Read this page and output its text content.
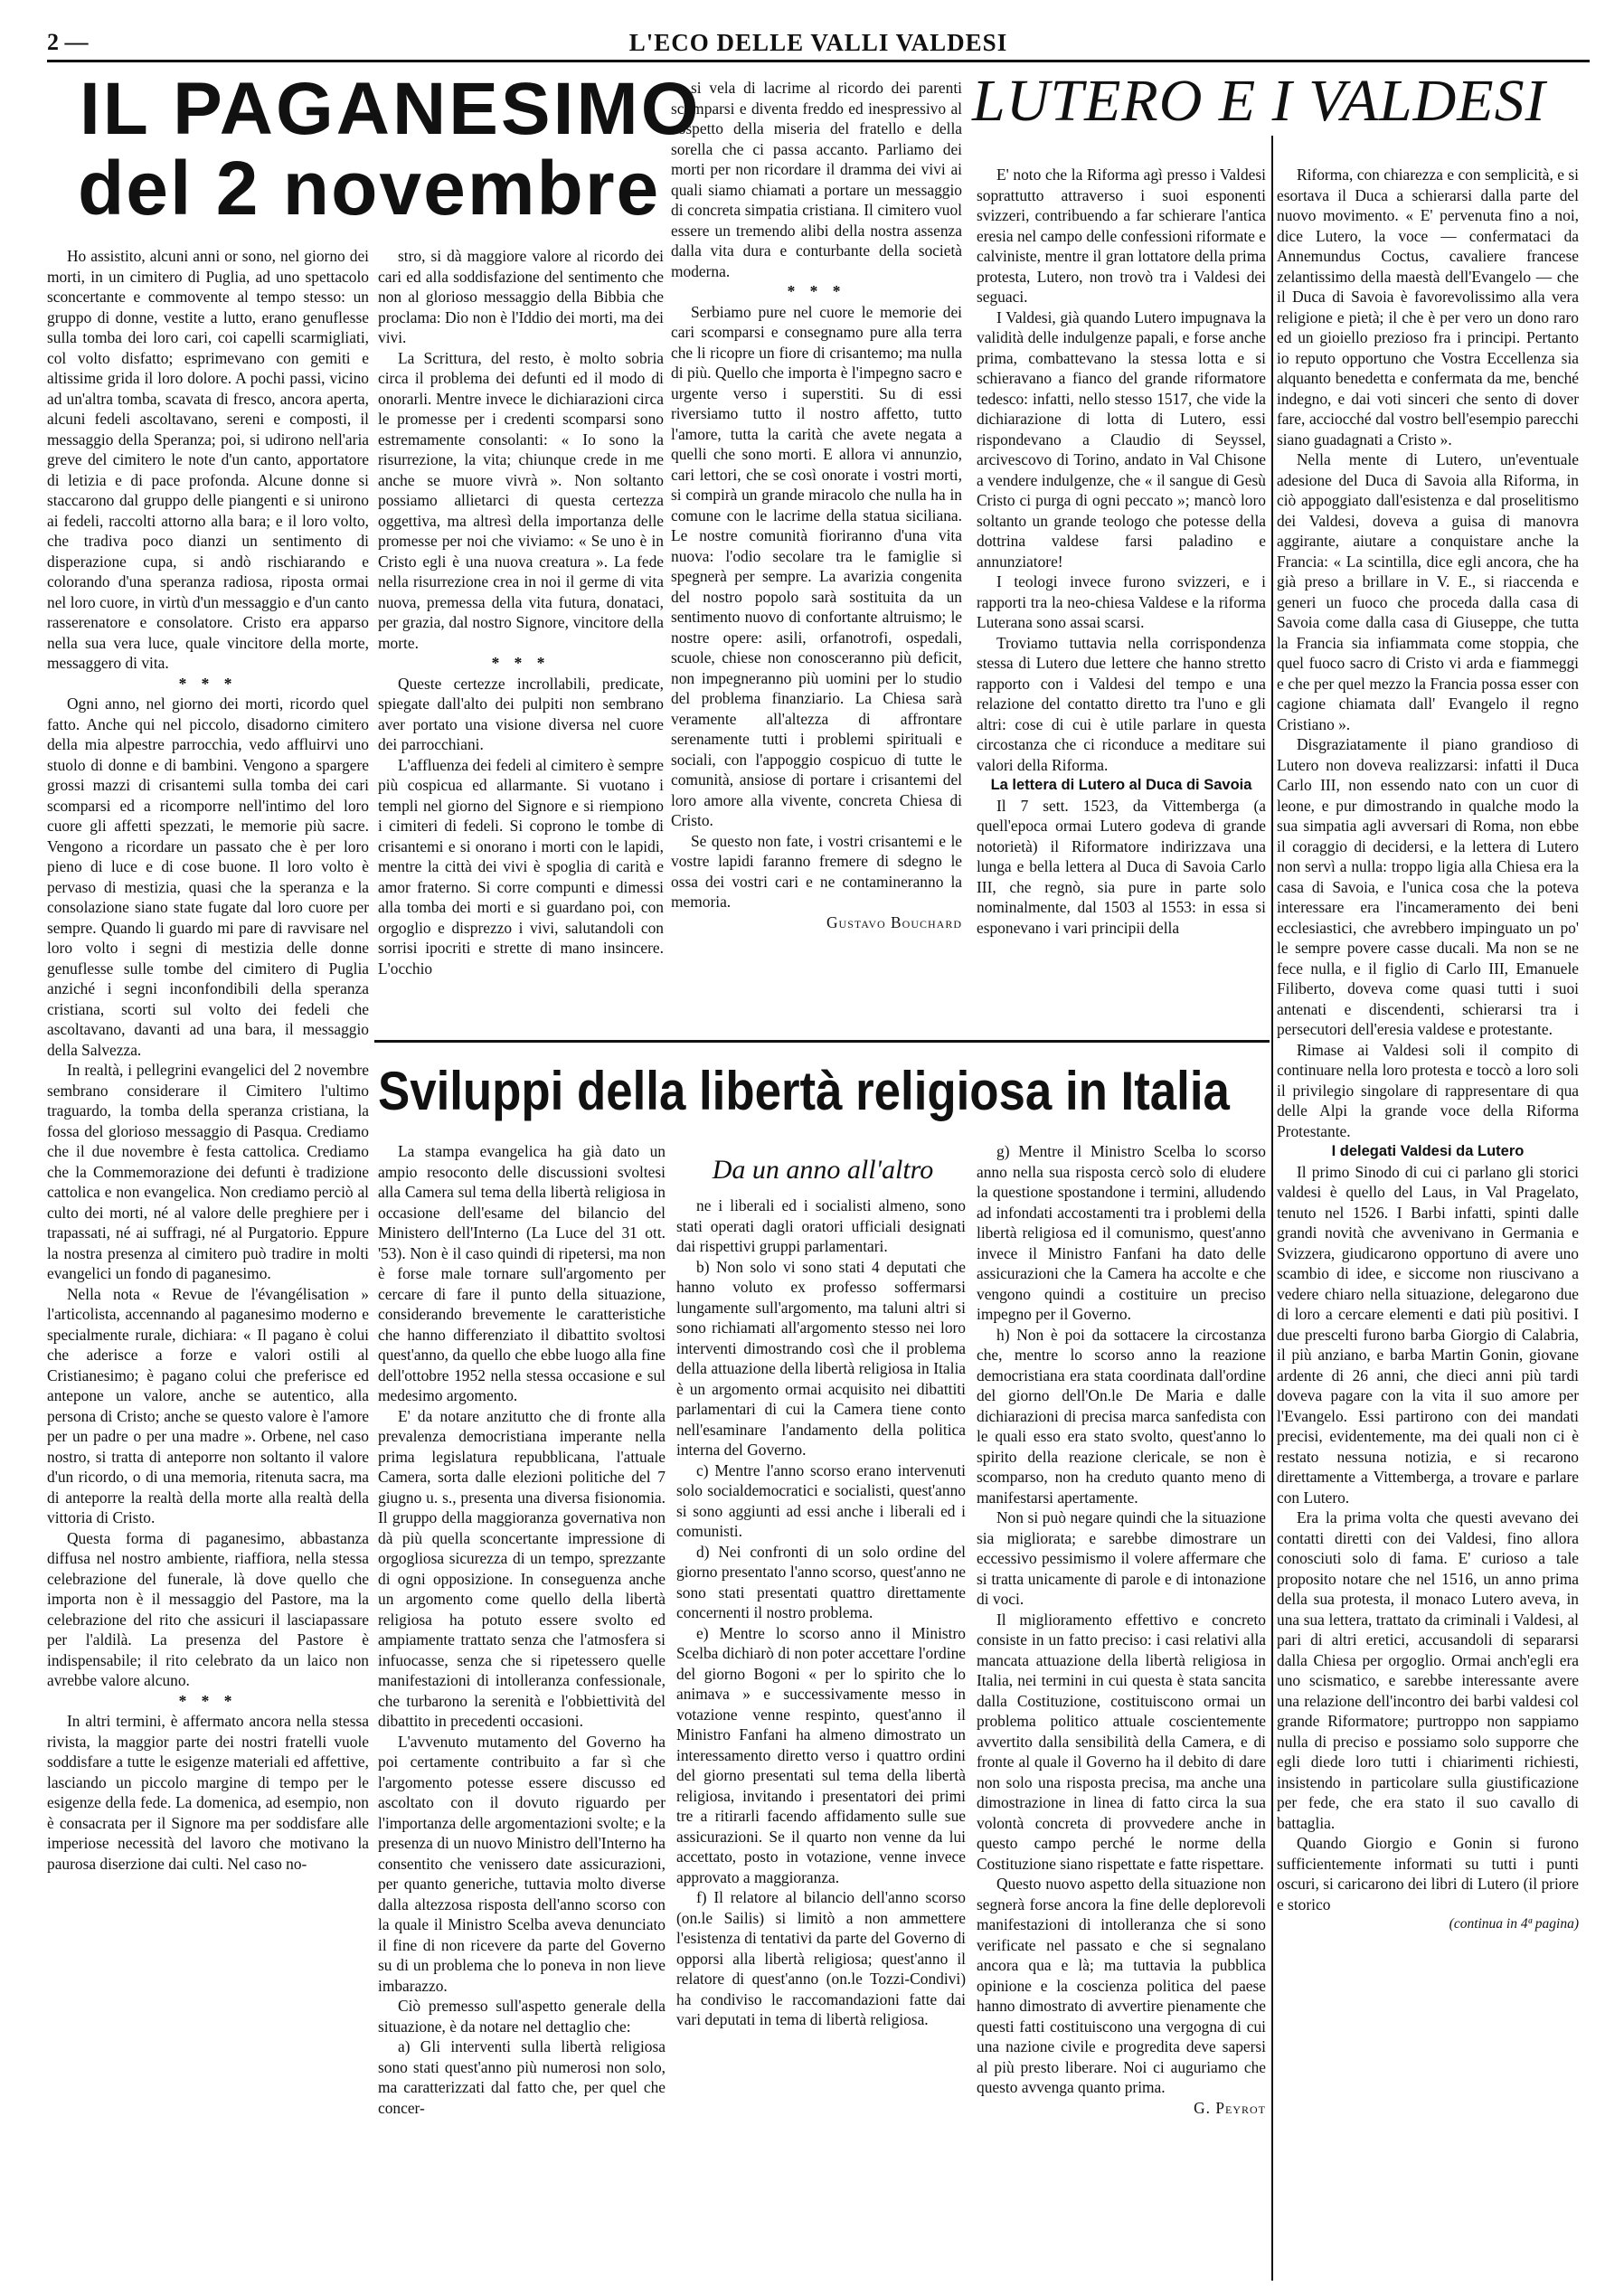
2 —	L'ECO DELLE VALLI VALDESI
IL PAGANESIMO
del 2 novembre

Ho assistito, alcuni anni or sono, nel giorno dei morti, in un cimitero di Puglia, ad uno spettacolo sconcertante e commovente al tempo stesso: un gruppo di donne, vestite a lutto, erano genuflesse sulla tomba dei loro cari, coi capelli scarmigliati, col volto disfatto; esprimevano con gemiti e altissime grida il loro dolore. A pochi passi, vicino ad un'altra tomba, scavata di fresco, ancora aperta, alcuni fedeli ascoltavano, sereni e composti, il messaggio della Speranza; poi, si udirono nell'aria greve del cimitero le note d'un canto, apportatore di letizia e di pace profonda. Alcune donne si staccarono dal gruppo delle piangenti e si unirono ai fedeli, raccolti attorno alla bara; e il loro volto, che tradiva poco dianzi un sentimento di disperazione cupa, si andò rischiarando e colorando d'una speranza radiosa, riposta ormai nel loro cuore, in virtù d'un messaggio e d'un canto rasserenatore e consolatore. Cristo era apparso nella sua vera luce, quale vincitore della morte, messaggero di vita.

* * *

Ogni anno, nel giorno dei morti, ricordo quel fatto. Anche qui nel piccolo, disadorno cimitero della mia alpestre parrocchia, vedo affluirvi uno stuolo di donne e di bambini. Vengono a spargere grossi mazzi di crisantemi sulla tomba dei cari scomparsi ed a ricomporre nell'intimo del loro cuore gli affetti spezzati, le memorie più sacre. Vengono a ricordare un passato che è per loro pieno di luce e di cose buone. Il loro volto è pervaso di mestizia, quasi che la speranza e la consolazione siano state fugate dal loro cuore per sempre. Quando li guardo mi pare di ravvisare nel loro volto i segni di mestizia delle donne genuflesse sulle tombe del cimitero di Puglia anziché i segni inconfondibili della speranza cristiana, scorti sul volto dei fedeli che ascoltavano, davanti ad una bara, il messaggio della Salvezza.

In realtà, i pellegrini evangelici del 2 novembre sembrano considerare il Cimitero l'ultimo traguardo, la tomba della speranza cristiana, la fossa del glorioso messaggio di Pasqua. Crediamo che il due novembre è festa cattolica. Crediamo che la Commemorazione dei defunti è tradizione cattolica e non evangelica. Non crediamo perciò al culto dei morti, né al valore delle preghiere per i trapassati, né ai suffragi, né al Purgatorio. Eppure la nostra presenza al cimitero può tradire in molti evangelici un fondo di paganesimo.

Nella nota « Revue de l'évangélisation » l'articolista, accennando al paganesimo moderno e specialmente rurale, dichiara: « Il pagano è colui che aderisce a forze e valori ostili al Cristianesimo; è pagano colui che preferisce ed antepone un valore, anche se autentico, alla persona di Cristo; anche se questo valore è l'amore per un padre o per una madre ». Orbene, nel caso nostro, si tratta di anteporre non soltanto il valore d'un ricordo, o di una memoria, ritenuta sacra, ma di anteporre la realtà della morte alla realtà della vittoria di Cristo.

Questa forma di paganesimo, abbastanza diffusa nel nostro ambiente, riaffiora, nella stessa celebrazione del funerale, là dove quello che importa non è il messaggio del Pastore, ma la celebrazione del rito che assicuri il lasciapassare per l'aldilà. La presenza del Pastore è indispensabile; il rito celebrato da un laico non avrebbe valore alcuno.

* * *

In altri termini, è affermato ancora nella stessa rivista, la maggior parte dei nostri fratelli vuole soddisfare a tutte le esigenze materiali ed affettive, lasciando un piccolo margine di tempo per le esigenze della fede. La domenica, ad esempio, non è consacrata per il Signore ma per soddisfare alle imperiose necessità del lavoro che motivano la paurosa diserzione dai culti. Nel caso no-

stro, si dà maggiore valore al ricordo dei cari ed alla soddisfazione del sentimento che non al glorioso messaggio della Bibbia che proclama: Dio non è l'Iddio dei morti, ma dei vivi.

La Scrittura, del resto, è molto sobria circa il problema dei defunti ed il modo di onorarli. Mentre invece le dichiarazioni circa le promesse per i credenti scomparsi sono estremamente consolanti: « Io sono la risurrezione, la vita; chiunque crede in me anche se muore vivrà ». Non soltanto possiamo allietarci di questa certezza oggettiva, ma altresì della importanza delle promesse per noi che viviamo: « Se uno è in Cristo egli è una nuova creatura ». La fede nella risurrezione crea in noi il germe di vita nuova, premessa della vita futura, donataci, per grazia, dal nostro Signore, vincitore della morte.

* * *

Queste certezze incrollabili, predicate, spiegate dall'alto dei pulpiti non sembrano aver portato una visione diversa nel cuore dei parrocchiani.

L'affluenza dei fedeli al cimitero è sempre più cospicua ed allarmante. Si vuotano i templi nel giorno del Signore e si riempiono i cimiteri di fedeli. Si coprono le tombe di crisantemi e si onorano i morti con le lapidi, mentre la città dei vivi è spoglia di carità e amor fraterno. Si corre compunti e dimessi alla tomba dei morti e si guardano poi, con orgoglio e disprezzo i vivi, salutandoli con sorrisi ipocriti e strette di mano insincere. L'occhio

si vela di lacrime al ricordo dei parenti scomparsi e diventa freddo ed inespressivo al cospetto della miseria del fratello e della sorella che ci passa accanto. Parliamo dei morti per non ricordare il dramma dei vivi ai quali siamo chiamati a portare un messaggio di concreta simpatia cristiana. Il cimitero vuol essere un tremendo alibi della nostra assenza dalla vita dura e conturbante della società moderna.

* * *

Serbiamo pure nel cuore le memorie dei cari scomparsi e consegnamo pure alla terra che li ricopre un fiore di crisantemo; ma nulla di più. Quello che importa è l'impegno sacro e urgente verso i superstiti. Su di essi riversiamo tutto il nostro affetto, tutto l'amore, tutta la carità che avete negata a quelli che sono morti. E allora vi annunzio, cari lettori, che se così onorate i vostri morti, si compirà un grande miracolo che nulla ha in comune con le lacrime della statua siciliana. Le nostre comunità fioriranno d'una vita nuova: l'odio secolare tra le famiglie si spegnerà per sempre. La avarizia congenita del nostro popolo sarà sostituita da un sentimento nuovo di confortante altruismo; le nostre opere: asili, orfanotrofi, ospedali, scuole, chiese non conosceranno più deficit, non impegneranno più uomini per lo studio del problema finanziario. La Chiesa sarà veramente all'altezza di affrontare serenamente tutti i problemi spirituali e sociali, con l'appoggio cospicuo di tutte le comunità, ansiose di portare i crisantemi del loro amore alla vivente, concreta Chiesa di Cristo.

Se questo non fate, i vostri crisantemi e le vostre lapidi faranno fremere di sdegno le ossa dei vostri cari e ne contamineranno la memoria.

Gustavo Bouchard

LUTERO E I VALDESI

E' noto che la Riforma agì presso i Valdesi soprattutto attraverso i suoi esponenti svizzeri, contribuendo a far schierare l'antica eresia nel campo delle confessioni riformate e calviniste, mentre il gran lottatore della prima protesta, Lutero, non trovò tra i Valdesi dei seguaci.

I Valdesi, già quando Lutero impugnava la validità delle indulgenze papali, e forse anche prima, combattevano la stessa lotta e si schieravano a fianco del grande riformatore tedesco: infatti, nello stesso 1517, che vide la dichiarazione di lotta di Lutero, essi rispondevano a Claudio di Seyssel, arcivescovo di Torino, andato in Val Chisone a vendere indulgenze, che « il sangue di Gesù Cristo ci purga di ogni peccato »; mancò loro soltanto un grande teologo che potesse della dottrina valdese farsi paladino e annunziatore!

I teologi invece furono svizzeri, e i rapporti tra la neo-chiesa Valdese e la riforma Luterana sono assai scarsi.

Troviamo tuttavia nella corrispondenza stessa di Lutero due lettere che hanno stretto rapporto con i Valdesi del tempo e una relazione del contatto diretto tra l'uno e gli altri: cose di cui è utile parlare in questa circostanza che ci riconduce a meditare sui valori della Riforma.

La lettera di Lutero al Duca di Savoia

Il 7 sett. 1523, da Vittemberga (a quell'epoca ormai Lutero godeva di grande notorietà) il Riformatore indirizzava una lunga e bella lettera al Duca di Savoia Carlo III, che regnò, sia pure in parte solo nominalmente, dal 1503 al 1553: in essa si esponevano i vari principii della

Riforma, con chiarezza e con semplicità, e si esortava il Duca a schierarsi dalla parte del nuovo movimento. « E' pervenuta fino a noi, dice Lutero, la voce — confermataci da Annemundus Coctus, cavaliere francese zelantissimo della maestà dell'Evangelo — che il Duca di Savoia è favorevolissimo alla vera religione e pietà; il che è per vero un dono raro ed un gioiello prezioso fra i principi. Pertanto io reputo opportuno che Vostra Eccellenza sia alquanto benedetta e confermata da me, benché indegno, e dai voti sinceri che sento di dover fare, acciocché dal vostro bell'esempio parecchi siano guadagnati a Cristo ».

Nella mente di Lutero, un'eventuale adesione del Duca di Savoia alla Riforma, in ciò appoggiato dall'esistenza e dal proselitismo dei Valdesi, doveva a guisa di manovra aggirante, aiutare a conquistare anche la Francia: « La scintilla, dice egli ancora, che ha già preso a brillare in V. E., si riaccenda e generi un fuoco che proceda dalla casa di Savoia come dalla casa di Giuseppe, che tutta la Francia sia infiammata come stoppia, che quel fuoco sacro di Cristo vi arda e fiammeggi e che per quel mezzo la Francia possa esser con cagione chiamata dall' Evangelo il regno Cristiano ».

Disgraziatamente il piano grandioso di Lutero non doveva realizzarsi: infatti il Duca Carlo III, non essendo nato con un cuor di leone, e pur dimostrando in qualche modo la sua simpatia agli avversari di Roma, non ebbe il coraggio di decidersi, e la lettera di Lutero non servì a nulla: troppo ligia alla Chiesa era la casa di Savoia, e l'unica cosa che la poteva interessare era l'incameramento dei beni ecclesiastici, che avrebbero impinguato un po' le sempre povere casse ducali. Ma non se ne fece nulla, e il figlio di Carlo III, Emanuele Filiberto, doveva come quasi tutti i suoi antenati e discendenti, schierarsi tra i persecutori dell'eresia valdese e protestante.

Rimase ai Valdesi soli il compito di continuare nella loro protesta e toccò a loro soli il privilegio singolare di rappresentare di qua delle Alpi la grande voce della Riforma Protestante.

I delegati Valdesi da Lutero

Il primo Sinodo di cui ci parlano gli storici valdesi è quello del Laus, in Val Pragelato, tenuto nel 1526. I Barbi infatti, spinti dalle grandi novità che avvenivano in Germania e Svizzera, giudicarono opportuno di avere uno scambio di idee, e siccome non riuscivano a vedere chiaro nella situazione, delegarono due di loro a cercare elementi e dati più positivi. I due prescelti furono barba Giorgio di Calabria, il più anziano, e barba Martin Gonin, giovane ardente di 26 anni, che dieci anni più tardi doveva pagare con la vita il suo amore per l'Evangelo. Essi partirono con dei mandati precisi, evidentemente, ma dei quali non ci è restato nessuna notizia, e si recarono direttamente a Vittemberga, a trovare e parlare con Lutero.

Era la prima volta che questi avevano dei contatti diretti con dei Valdesi, fino allora conosciuti solo di fama. E' curioso a tale proposito notare che nel 1516, un anno prima della sua protesta, il monaco Lutero aveva, in una sua lettera, trattato da criminali i Valdesi, al pari di altri eretici, accusandoli di separarsi dalla Chiesa per orgoglio. Ormai anch'egli era uno scismatico, e sarebbe interessante avere una relazione dell'incontro dei barbi valdesi col grande Riformatore; purtroppo non sappiamo nulla di preciso e possiamo solo supporre che egli diede loro tutti i chiarimenti richiesti, insistendo in particolare sulla giustificazione per fede, che era stato il suo cavallo di battaglia.

Quando Giorgio e Gonin si furono sufficientemente informati su tutti i punti oscuri, si caricarono dei libri di Lutero (il priore e storico

(continua in 4ª pagina)

Sviluppi della libertà religiosa in Italia
Da un anno all'altro

La stampa evangelica ha già dato un ampio resoconto delle discussioni svoltesi alla Camera sul tema della libertà religiosa in occasione dell'esame del bilancio del Ministero dell'Interno (La Luce del 31 ott. '53). Non è il caso quindi di ripetersi, ma non è forse male tornare sull'argomento per cercare di fare il punto della situazione, considerando brevemente le caratteristiche che hanno differenziato il dibattito svoltosi quest'anno, da quello che ebbe luogo alla fine dell'ottobre 1952 nella stessa occasione e sul medesimo argomento.

E' da notare anzitutto che di fronte alla prevalenza democristiana imperante nella prima legislatura repubblicana, l'attuale Camera, sorta dalle elezioni politiche del 7 giugno u. s., presenta una diversa fisionomia. Il gruppo della maggioranza governativa non dà più quella sconcertante impressione di orgogliosa sicurezza di un tempo, sprezzante di ogni opposizione. In conseguenza anche un argomento come quello della libertà religiosa ha potuto essere svolto ed ampiamente trattato senza che l'atmosfera si infuocasse, senza che si ripetessero quelle manifestazioni di intolleranza confessionale, che turbarono la serenità e l'obbiettività del dibattito in precedenti occasioni.

L'avvenuto mutamento del Governo ha poi certamente contribuito a far sì che l'argomento potesse essere discusso ed ascoltato con il dovuto riguardo per l'importanza delle argomentazioni svolte; e la presenza di un nuovo Ministro dell'Interno ha consentito che venissero date assicurazioni, per quanto generiche, tuttavia molto diverse dalla altezzosa risposta dell'anno scorso con la quale il Ministro Scelba aveva denunciato il fine di non ricevere da parte del Governo su di un problema che lo poneva in non lieve imbarazzo.

Ciò premesso sull'aspetto generale della situazione, è da notare nel dettaglio che:

a) Gli interventi sulla libertà religiosa sono stati quest'anno più numerosi non solo, ma caratterizzati dal fatto che, per quel che concer-

ne i liberali ed i socialisti almeno, sono stati operati dagli oratori ufficiali designati dai rispettivi gruppi parlamentari.

b) Non solo vi sono stati 4 deputati che hanno voluto ex professo soffermarsi lungamente sull'argomento, ma taluni altri si sono richiamati all'argomento stesso nei loro interventi dimostrando così che il problema della attuazione della libertà religiosa in Italia è un argomento ormai acquisito nei dibattiti parlamentari di cui la Camera tiene conto nell'esaminare l'andamento della politica interna del Governo.

c) Mentre l'anno scorso erano intervenuti solo socialdemocratici e socialisti, quest'anno si sono aggiunti ad essi anche i liberali ed i comunisti.

d) Nei confronti di un solo ordine del giorno presentato l'anno scorso, quest'anno ne sono stati presentati quattro direttamente concernenti il nostro problema.

e) Mentre lo scorso anno il Ministro Scelba dichiarò di non poter accettare l'ordine del giorno Bogoni « per lo spirito che lo animava » e successivamente messo in votazione venne respinto, quest'anno il Ministro Fanfani ha almeno dimostrato un interessamento diretto verso i quattro ordini del giorno presentati sul tema della libertà religiosa, invitando i presentatori dei primi tre a ritirarli facendo affidamento sulle sue assicurazioni. Se il quarto non venne da lui accettato, posto in votazione, venne invece approvato a maggioranza.

f) Il relatore al bilancio dell'anno scorso (on.le Sailis) si limitò a non ammettere l'esistenza di tentativi da parte del Governo di opporsi alla libertà religiosa; quest'anno il relatore di quest'anno (on.le Tozzi-Condivi) ha condiviso le raccomandazioni fatte dai vari deputati in tema di libertà religiosa.

g) Mentre il Ministro Scelba lo scorso anno nella sua risposta cercò solo di eludere la questione spostandone i termini, alludendo ad infondati accostamenti tra i problemi della libertà religiosa ed il comunismo, quest'anno invece il Ministro Fanfani ha dato delle assicurazioni che la Camera ha accolte e che vengono quindi a costituire un preciso impegno per il Governo.

h) Non è poi da sottacere la circostanza che, mentre lo scorso anno la reazione democristiana era stata coordinata dall'ordine del giorno dell'On.le De Maria e dalle dichiarazioni di precisa marca sanfedista con le quali esso era stato svolto, quest'anno lo spirito della reazione clericale, se non è scomparso, non ha creduto quanto meno di manifestarsi apertamente.

Non si può negare quindi che la situazione sia migliorata; e sarebbe dimostrare un eccessivo pessimismo il volere affermare che si tratta unicamente di parole e di intonazione di voci.

Il miglioramento effettivo e concreto consiste in un fatto preciso: i casi relativi alla mancata attuazione della libertà religiosa in Italia, nei termini in cui questa è stata sancita dalla Costituzione, costituiscono ormai un problema politico attuale coscientemente avvertito dalla sensibilità della Camera, e di fronte al quale il Governo ha il debito di dare non solo una risposta precisa, ma anche una dimostrazione in linea di fatto circa la sua volontà concreta di provvedere anche in questo campo perché le norme della Costituzione siano rispettate e fatte rispettare.

Questo nuovo aspetto della situazione non segnerà forse ancora la fine delle deplorevoli manifestazioni di intolleranza che si sono verificate nel passato e che si segnalano ancora qua e là; ma tuttavia la pubblica opinione e la coscienza politica del paese hanno dimostrato di avvertire pienamente che questi fatti costituiscono una vergogna di cui una nazione civile e progredita deve sapersi al più presto liberare. Noi ci auguriamo che questo avvenga quanto prima.

G. Peyrot
